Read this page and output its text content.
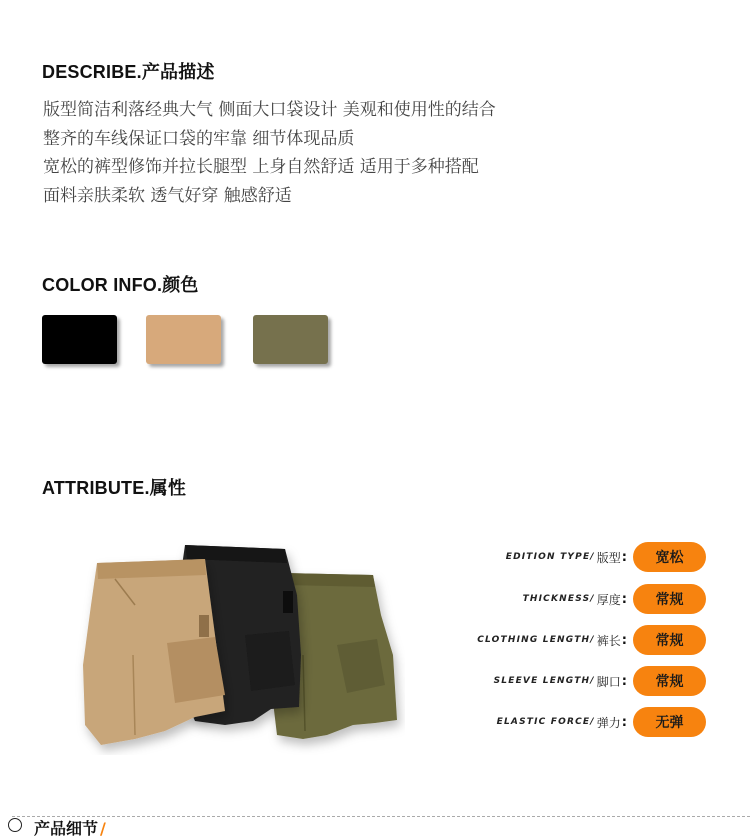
DESCRIBE.产品描述
版型简洁利落经典大气 侧面大口袋设计 美观和使用性的结合
整齐的车线保证口袋的牢靠 细节体现品质
宽松的裤型修饰并拉长腿型 上身自然舒适 适用于多种搭配
面料亲肤柔软 透气好穿 触感舒适
COLOR INFO.颜色
ATTRIBUTE.属性
EDITION TYPE/ 版型 :	宽松
THICKNESS/ 厚度 :	常规
CLOTHING LENGTH/ 裤长 :	常规
SLEEVE LENGTH/ 脚口 :	常规
ELASTIC FORCE/ 弹力 :	无弹
产品细节 /
